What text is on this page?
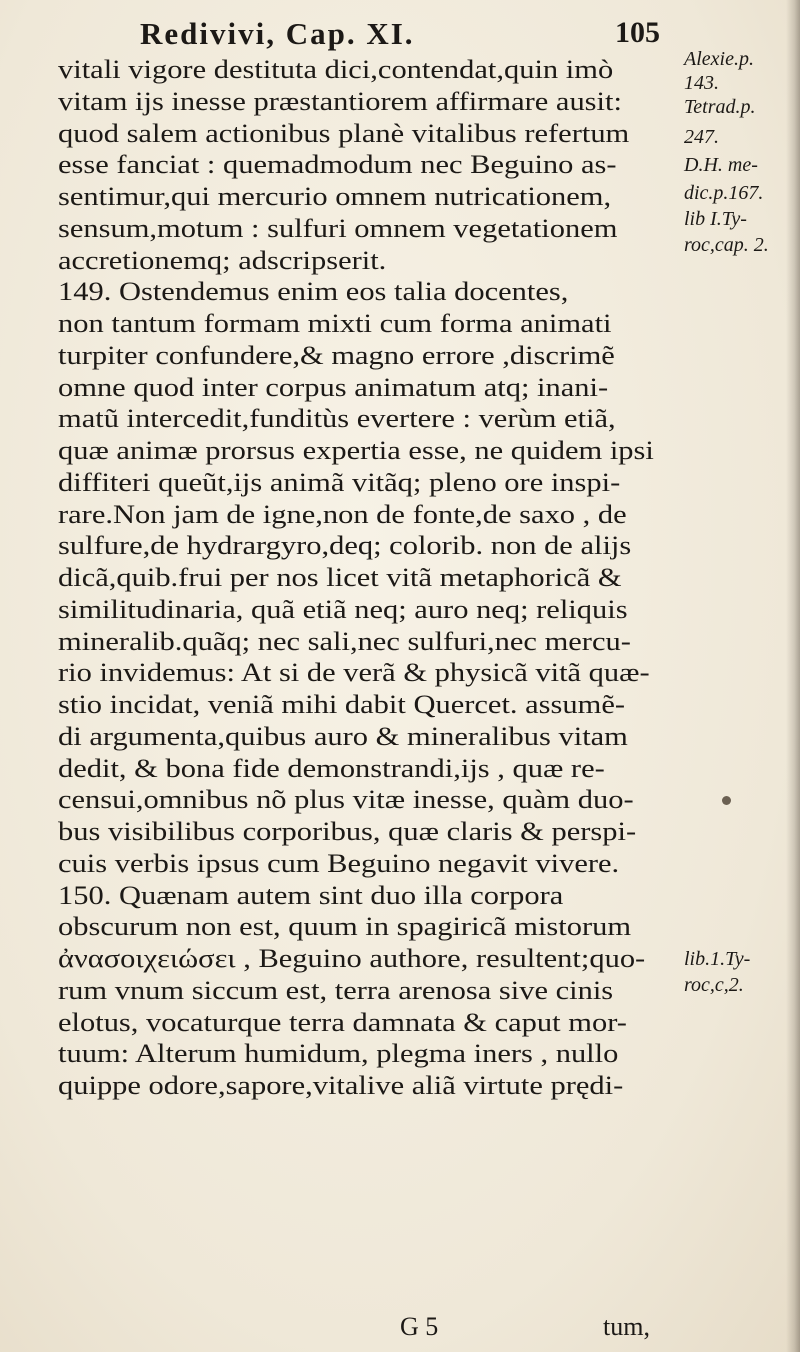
Redivivi, Cap. XI.	105
vitali vigore destituta dici,contendat,quin imò
vitam ijs inesse præstantiorem affirmare ausit:
quod salem actionibus planè vitalibus refertum
esse fanciat : quemadmodum nec Beguino as-
sentimur,qui mercurio omnem nutricationem,
sensum,motum : sulfuri omnem vegetationem
accretionemq; adscripserit.
149. Ostendemus enim eos talia docentes,
non tantum formam mixti cum forma animati
turpiter confundere,& magno errore ,discrimẽ
omne quod inter corpus animatum atq; inani-
matũ intercedit,funditùs evertere : verùm etiã,
quæ animæ prorsus expertia esse, ne quidem ipsi
diffiteri queũt,ijs animã vitãq; pleno ore inspi-
rare.Non jam de igne,non de fonte,de saxo , de
sulfure,de hydrargyro,deq; colorib. non de alijs
dicã,quib.frui per nos licet vitã metaphoricã &
similitudinaria, quã etiã neq; auro neq; reliquis
mineralib.quãq; nec sali,nec sulfuri,nec mercu-
rio invidemus: At si de verã & physicã vitã quæ-
stio incidat, veniã mihi dabit Quercet. assumẽ-
di argumenta,quibus auro & mineralibus vitam
dedit, & bona fide demonstrandi,ijs , quæ re-
censui,omnibus nõ plus vitæ inesse, quàm duo-
bus visibilibus corporibus, quæ claris & perspi-
cuis verbis ipsus cum Beguino negavit vivere.
150. Quænam autem sint duo illa corpora
obscurum non est, quum in spagiricã mistorum
ἀνασοιχειώσει , Beguino authore, resultent;quo-
rum vnum siccum est, terra arenosa sive cinis
elotus, vocaturque terra damnata & caput mor-
tuum: Alterum humidum, plegma iners , nullo
quippe odore,sapore,vitalive aliã virtute prędi-
Alexie.p.
143.
Tetrad.p.
247.
D.H. me-
dic.p.167.
lib I.Ty-
roc,cap. 2.
lib.1.Ty-
roc,c,2.
G 5	tum,
